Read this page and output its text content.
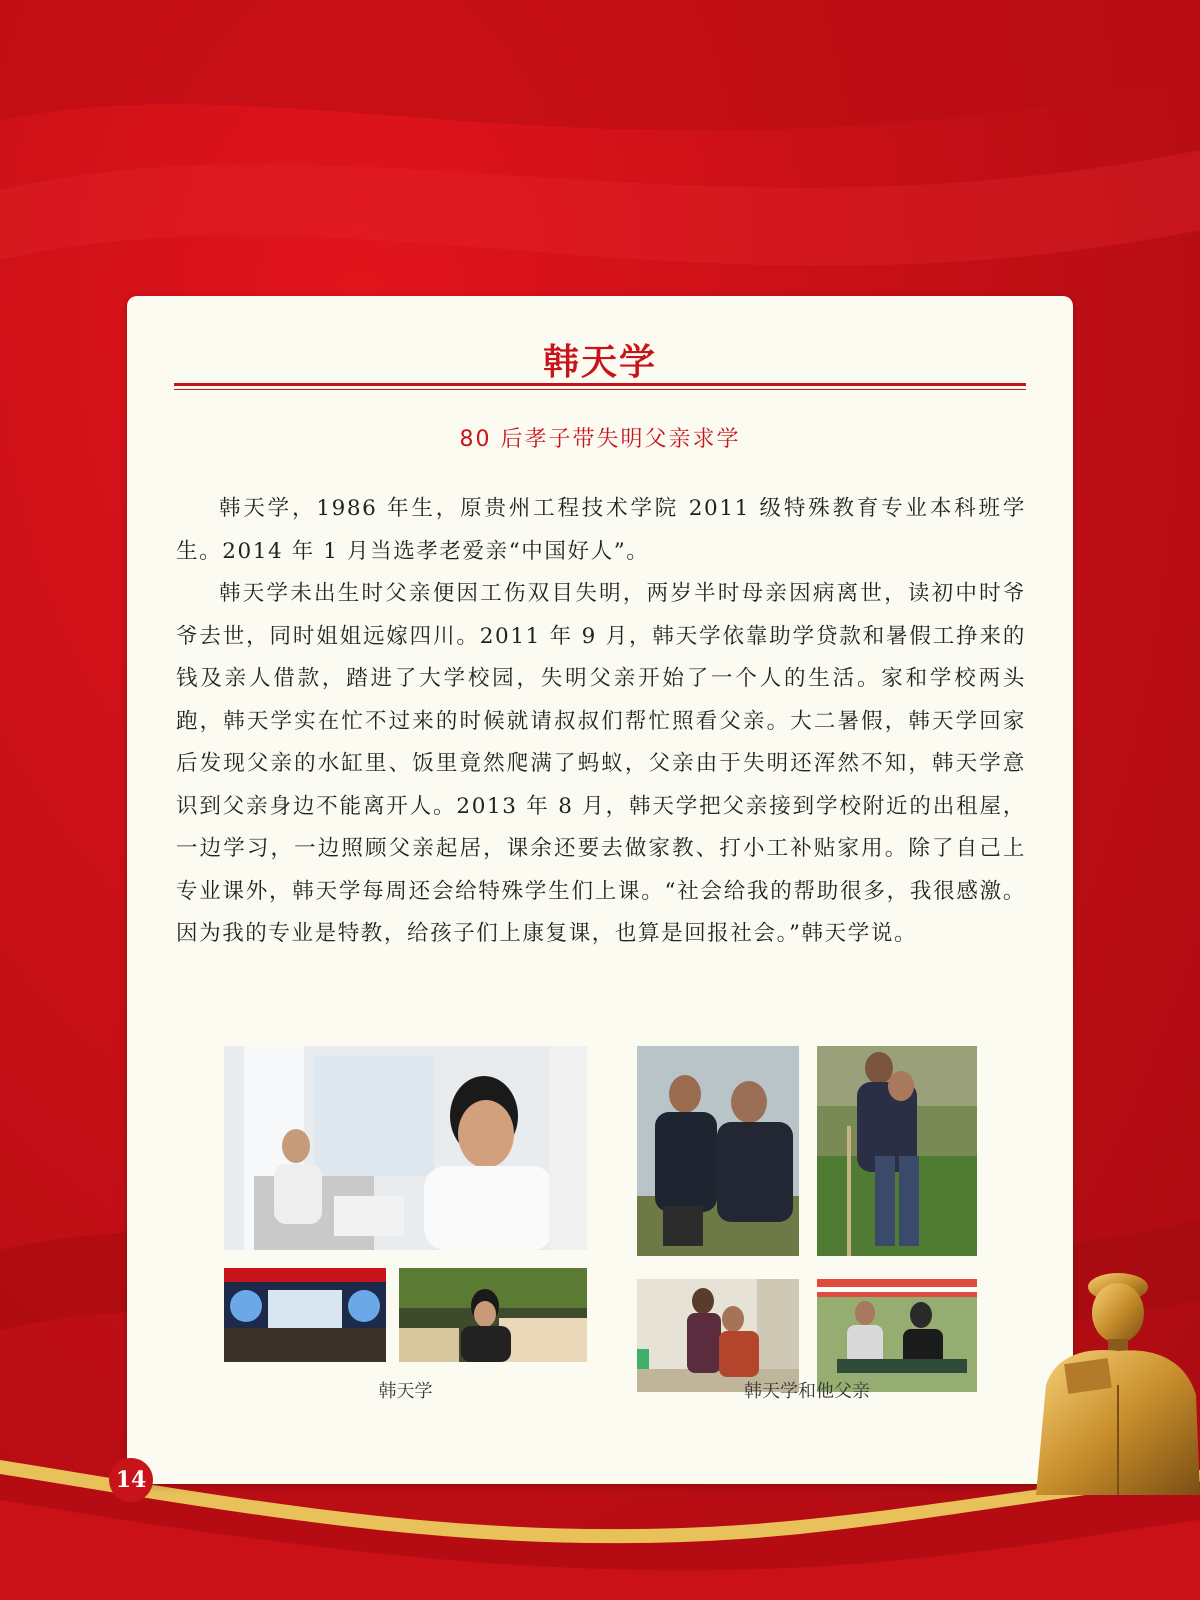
韩天学
80 后孝子带失明父亲求学

韩天学，1986 年生，原贵州工程技术学院 2011 级特殊教育专业本科班学生。2014 年 1 月当选孝老爱亲“中国好人”。

韩天学未出生时父亲便因工伤双目失明，两岁半时母亲因病离世，读初中时爷爷去世，同时姐姐远嫁四川。2011 年 9 月，韩天学依靠助学贷款和暑假工挣来的钱及亲人借款，踏进了大学校园，失明父亲开始了一个人的生活。家和学校两头跑，韩天学实在忙不过来的时候就请叔叔们帮忙照看父亲。大二暑假，韩天学回家后发现父亲的水缸里、饭里竟然爬满了蚂蚁，父亲由于失明还浑然不知，韩天学意识到父亲身边不能离开人。2013 年 8 月，韩天学把父亲接到学校附近的出租屋，一边学习，一边照顾父亲起居，课余还要去做家教、打小工补贴家用。除了自己上专业课外，韩天学每周还会给特殊学生们上课。“社会给我的帮助很多，我很感激。因为我的专业是特教，给孩子们上康复课，也算是回报社会。”韩天学说。

韩天学	韩天学和他父亲
14
